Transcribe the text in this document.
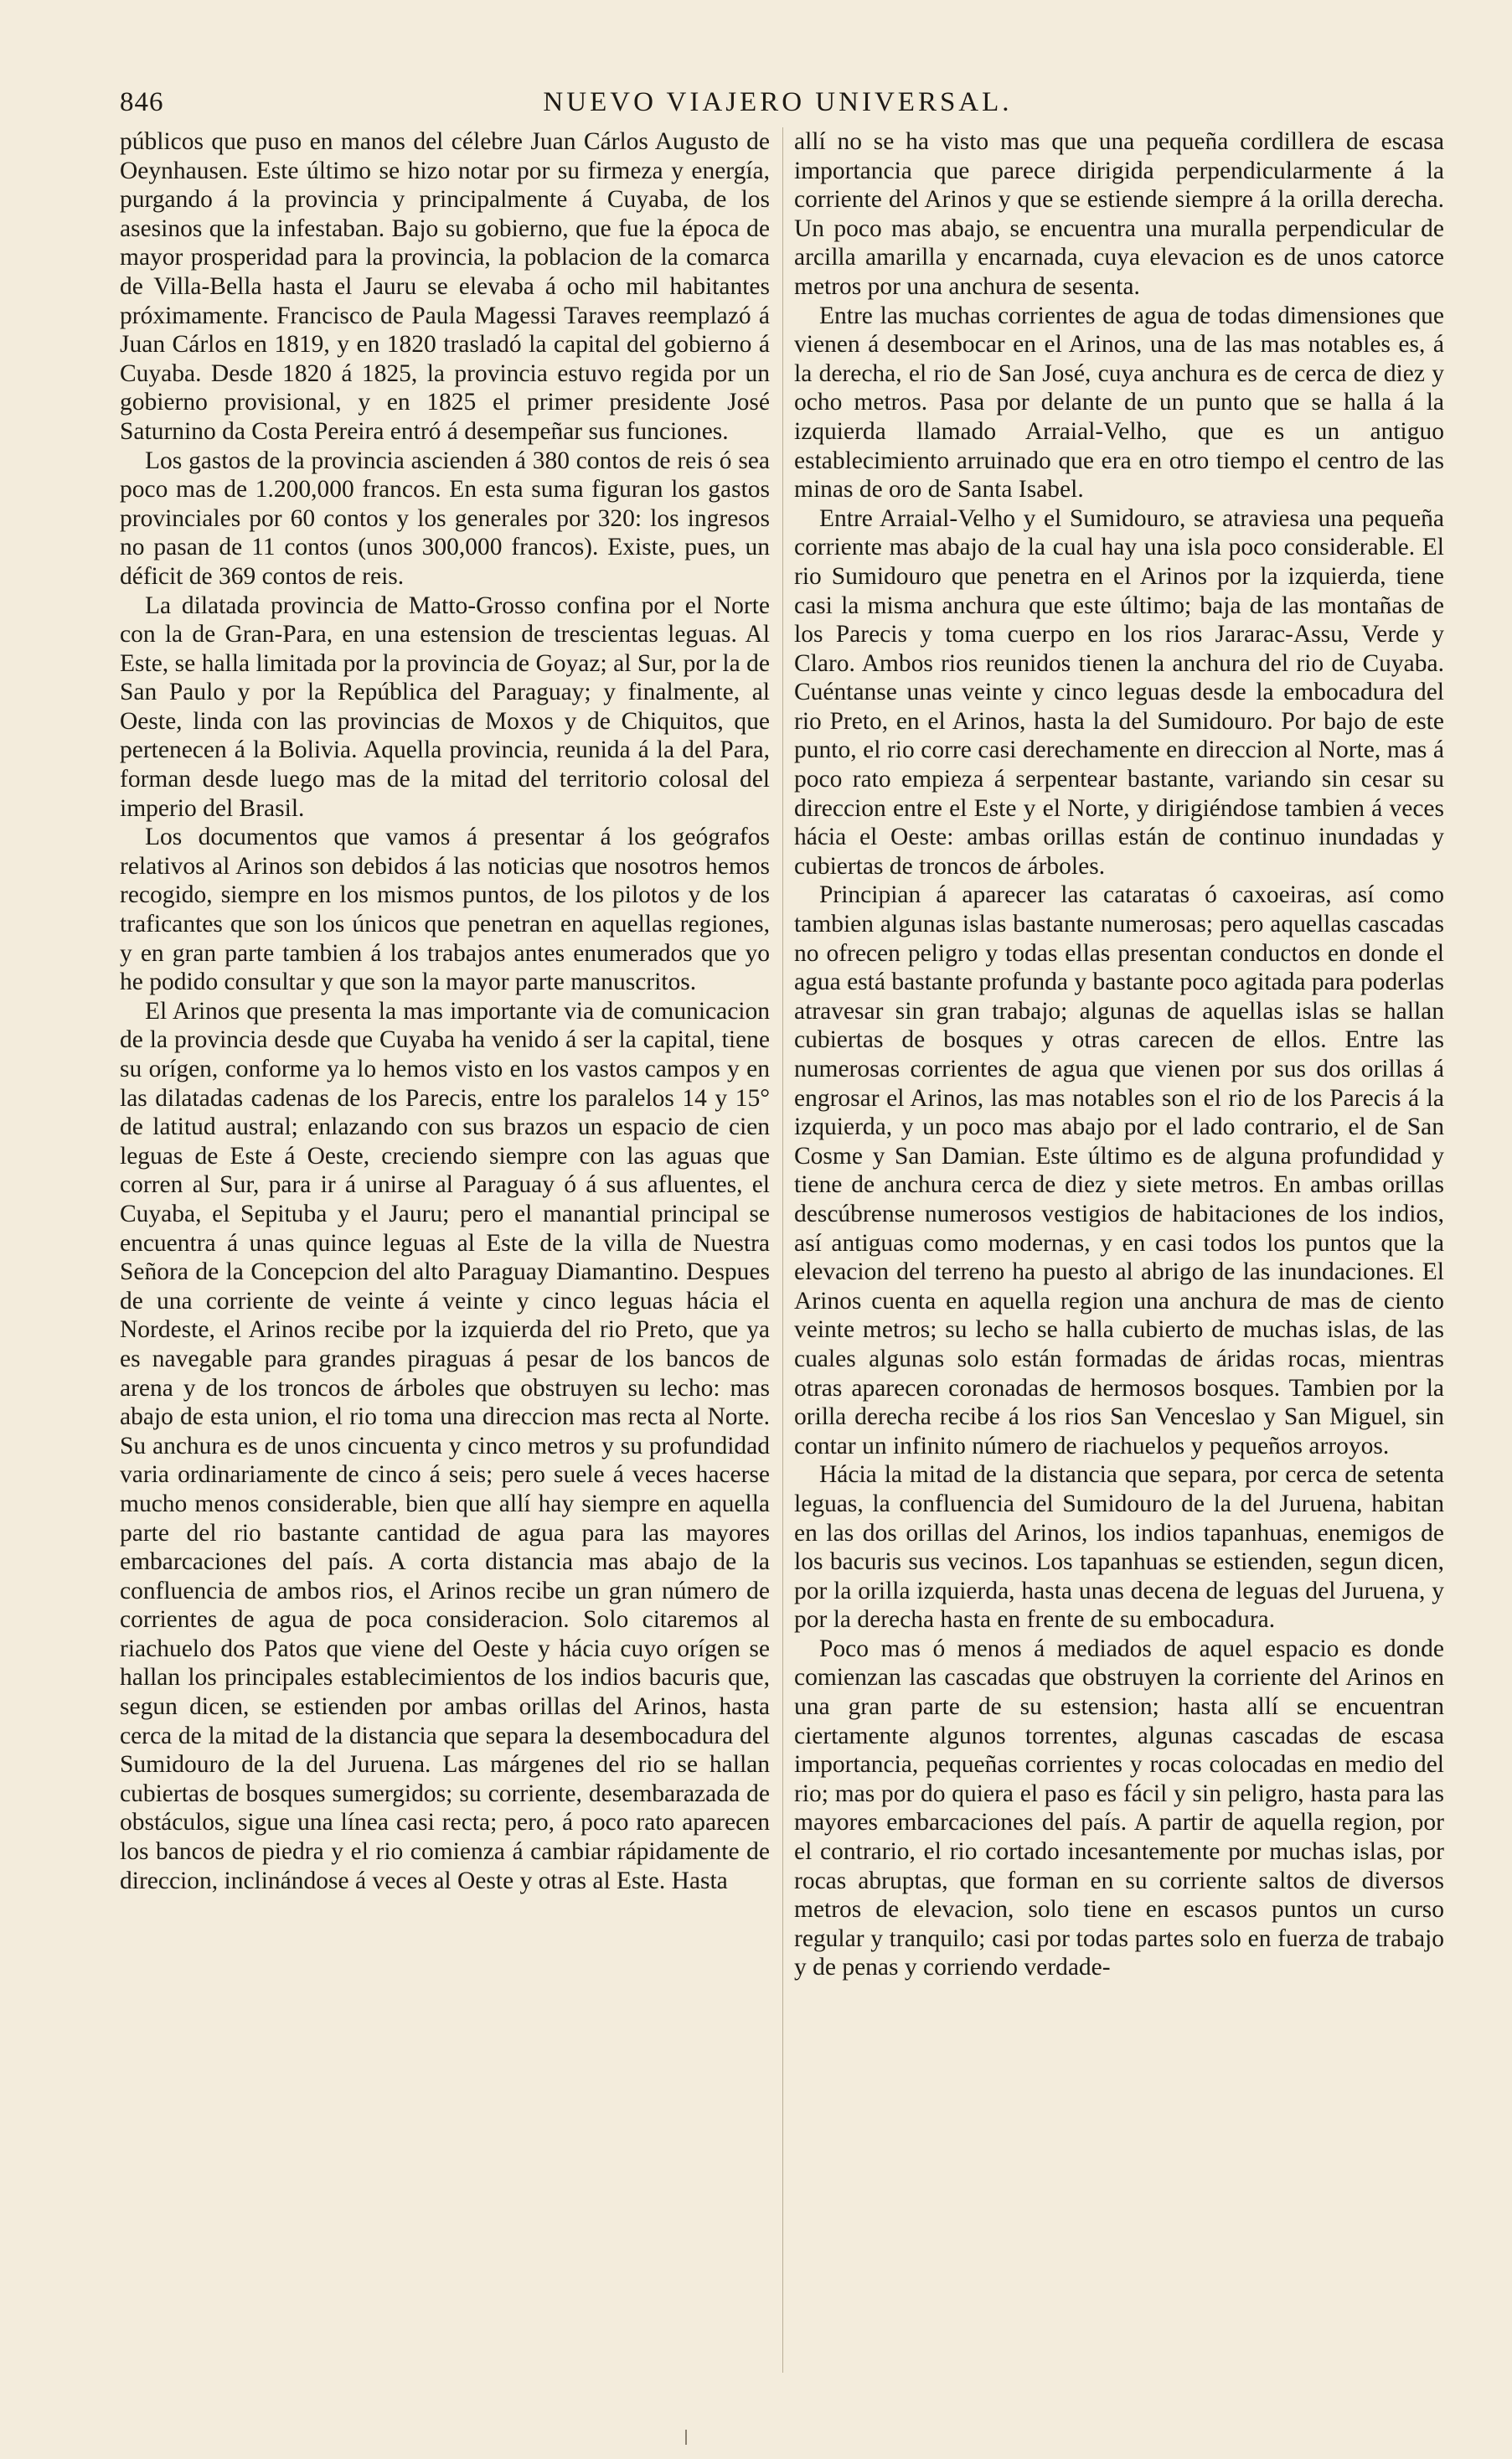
846	NUEVO VIAJERO UNIVERSAL.

públicos que puso en manos del célebre Juan Cárlos Augusto de Oeynhausen. Este último se hizo notar por su firmeza y energía, purgando á la provincia y principalmente á Cuyaba, de los asesinos que la infestaban. Bajo su gobierno, que fue la época de mayor prosperidad para la provincia, la poblacion de la comarca de Villa-Bella hasta el Jauru se elevaba á ocho mil habitantes próximamente. Francisco de Paula Magessi Taraves reemplazó á Juan Cárlos en 1819, y en 1820 trasladó la capital del gobierno á Cuyaba. Desde 1820 á 1825, la provincia estuvo regida por un gobierno provisional, y en 1825 el primer presidente José Saturnino da Costa Pereira entró á desempeñar sus funciones.

Los gastos de la provincia ascienden á 380 contos de reis ó sea poco mas de 1.200,000 francos. En esta suma figuran los gastos provinciales por 60 contos y los generales por 320: los ingresos no pasan de 11 contos (unos 300,000 francos). Existe, pues, un déficit de 369 contos de reis.

La dilatada provincia de Matto-Grosso confina por el Norte con la de Gran-Para, en una estension de trescientas leguas. Al Este, se halla limitada por la provincia de Goyaz; al Sur, por la de San Paulo y por la República del Paraguay; y finalmente, al Oeste, linda con las provincias de Moxos y de Chiquitos, que pertenecen á la Bolivia. Aquella provincia, reunida á la del Para, forman desde luego mas de la mitad del territorio colosal del imperio del Brasil.

Los documentos que vamos á presentar á los geógrafos relativos al Arinos son debidos á las noticias que nosotros hemos recogido, siempre en los mismos puntos, de los pilotos y de los traficantes que son los únicos que penetran en aquellas regiones, y en gran parte tambien á los trabajos antes enumerados que yo he podido consultar y que son la mayor parte manuscritos.

El Arinos que presenta la mas importante via de comunicacion de la provincia desde que Cuyaba ha venido á ser la capital, tiene su orígen, conforme ya lo hemos visto en los vastos campos y en las dilatadas cadenas de los Parecis, entre los paralelos 14 y 15° de latitud austral; enlazando con sus brazos un espacio de cien leguas de Este á Oeste, creciendo siempre con las aguas que corren al Sur, para ir á unirse al Paraguay ó á sus afluentes, el Cuyaba, el Sepituba y el Jauru; pero el manantial principal se encuentra á unas quince leguas al Este de la villa de Nuestra Señora de la Concepcion del alto Paraguay Diamantino. Despues de una corriente de veinte á veinte y cinco leguas hácia el Nordeste, el Arinos recibe por la izquierda del rio Preto, que ya es navegable para grandes piraguas á pesar de los bancos de arena y de los troncos de árboles que obstruyen su lecho: mas abajo de esta union, el rio toma una direccion mas recta al Norte. Su anchura es de unos cincuenta y cinco metros y su profundidad varia ordinariamente de cinco á seis; pero suele á veces hacerse mucho menos considerable, bien que allí hay siempre en aquella parte del rio bastante cantidad de agua para las mayores embarcaciones del país. A corta distancia mas abajo de la confluencia de ambos rios, el Arinos recibe un gran número de corrientes de agua de poca consideracion. Solo citaremos al riachuelo dos Patos que viene del Oeste y hácia cuyo orígen se hallan los principales establecimientos de los indios bacuris que, segun dicen, se estienden por ambas orillas del Arinos, hasta cerca de la mitad de la distancia que separa la desembocadura del Sumidouro de la del Juruena. Las márgenes del rio se hallan cubiertas de bosques sumergidos; su corriente, desembarazada de obstáculos, sigue una línea casi recta; pero, á poco rato aparecen los bancos de piedra y el rio comienza á cambiar rápidamente de direccion, inclinándose á veces al Oeste y otras al Este. Hasta

allí no se ha visto mas que una pequeña cordillera de escasa importancia que parece dirigida perpendicularmente á la corriente del Arinos y que se estiende siempre á la orilla derecha. Un poco mas abajo, se encuentra una muralla perpendicular de arcilla amarilla y encarnada, cuya elevacion es de unos catorce metros por una anchura de sesenta.

Entre las muchas corrientes de agua de todas dimensiones que vienen á desembocar en el Arinos, una de las mas notables es, á la derecha, el rio de San José, cuya anchura es de cerca de diez y ocho metros. Pasa por delante de un punto que se halla á la izquierda llamado Arraial-Velho, que es un antiguo establecimiento arruinado que era en otro tiempo el centro de las minas de oro de Santa Isabel.

Entre Arraial-Velho y el Sumidouro, se atraviesa una pequeña corriente mas abajo de la cual hay una isla poco considerable. El rio Sumidouro que penetra en el Arinos por la izquierda, tiene casi la misma anchura que este último; baja de las montañas de los Parecis y toma cuerpo en los rios Jararac-Assu, Verde y Claro. Ambos rios reunidos tienen la anchura del rio de Cuyaba. Cuéntanse unas veinte y cinco leguas desde la embocadura del rio Preto, en el Arinos, hasta la del Sumidouro. Por bajo de este punto, el rio corre casi derechamente en direccion al Norte, mas á poco rato empieza á serpentear bastante, variando sin cesar su direccion entre el Este y el Norte, y dirigiéndose tambien á veces hácia el Oeste: ambas orillas están de continuo inundadas y cubiertas de troncos de árboles.

Principian á aparecer las cataratas ó caxoeiras, así como tambien algunas islas bastante numerosas; pero aquellas cascadas no ofrecen peligro y todas ellas presentan conductos en donde el agua está bastante profunda y bastante poco agitada para poderlas atravesar sin gran trabajo; algunas de aquellas islas se hallan cubiertas de bosques y otras carecen de ellos. Entre las numerosas corrientes de agua que vienen por sus dos orillas á engrosar el Arinos, las mas notables son el rio de los Parecis á la izquierda, y un poco mas abajo por el lado contrario, el de San Cosme y San Damian. Este último es de alguna profundidad y tiene de anchura cerca de diez y siete metros. En ambas orillas descúbrense numerosos vestigios de habitaciones de los indios, así antiguas como modernas, y en casi todos los puntos que la elevacion del terreno ha puesto al abrigo de las inundaciones. El Arinos cuenta en aquella region una anchura de mas de ciento veinte metros; su lecho se halla cubierto de muchas islas, de las cuales algunas solo están formadas de áridas rocas, mientras otras aparecen coronadas de hermosos bosques. Tambien por la orilla derecha recibe á los rios San Venceslao y San Miguel, sin contar un infinito número de riachuelos y pequeños arroyos.

Hácia la mitad de la distancia que separa, por cerca de setenta leguas, la confluencia del Sumidouro de la del Juruena, habitan en las dos orillas del Arinos, los indios tapanhuas, enemigos de los bacuris sus vecinos. Los tapanhuas se estienden, segun dicen, por la orilla izquierda, hasta unas decena de leguas del Juruena, y por la derecha hasta en frente de su embocadura.

Poco mas ó menos á mediados de aquel espacio es donde comienzan las cascadas que obstruyen la corriente del Arinos en una gran parte de su estension; hasta allí se encuentran ciertamente algunos torrentes, algunas cascadas de escasa importancia, pequeñas corrientes y rocas colocadas en medio del rio; mas por do quiera el paso es fácil y sin peligro, hasta para las mayores embarcaciones del país. A partir de aquella region, por el contrario, el rio cortado incesantemente por muchas islas, por rocas abruptas, que forman en su corriente saltos de diversos metros de elevacion, solo tiene en escasos puntos un curso regular y tranquilo; casi por todas partes solo en fuerza de trabajo y de penas y corriendo verdade-
